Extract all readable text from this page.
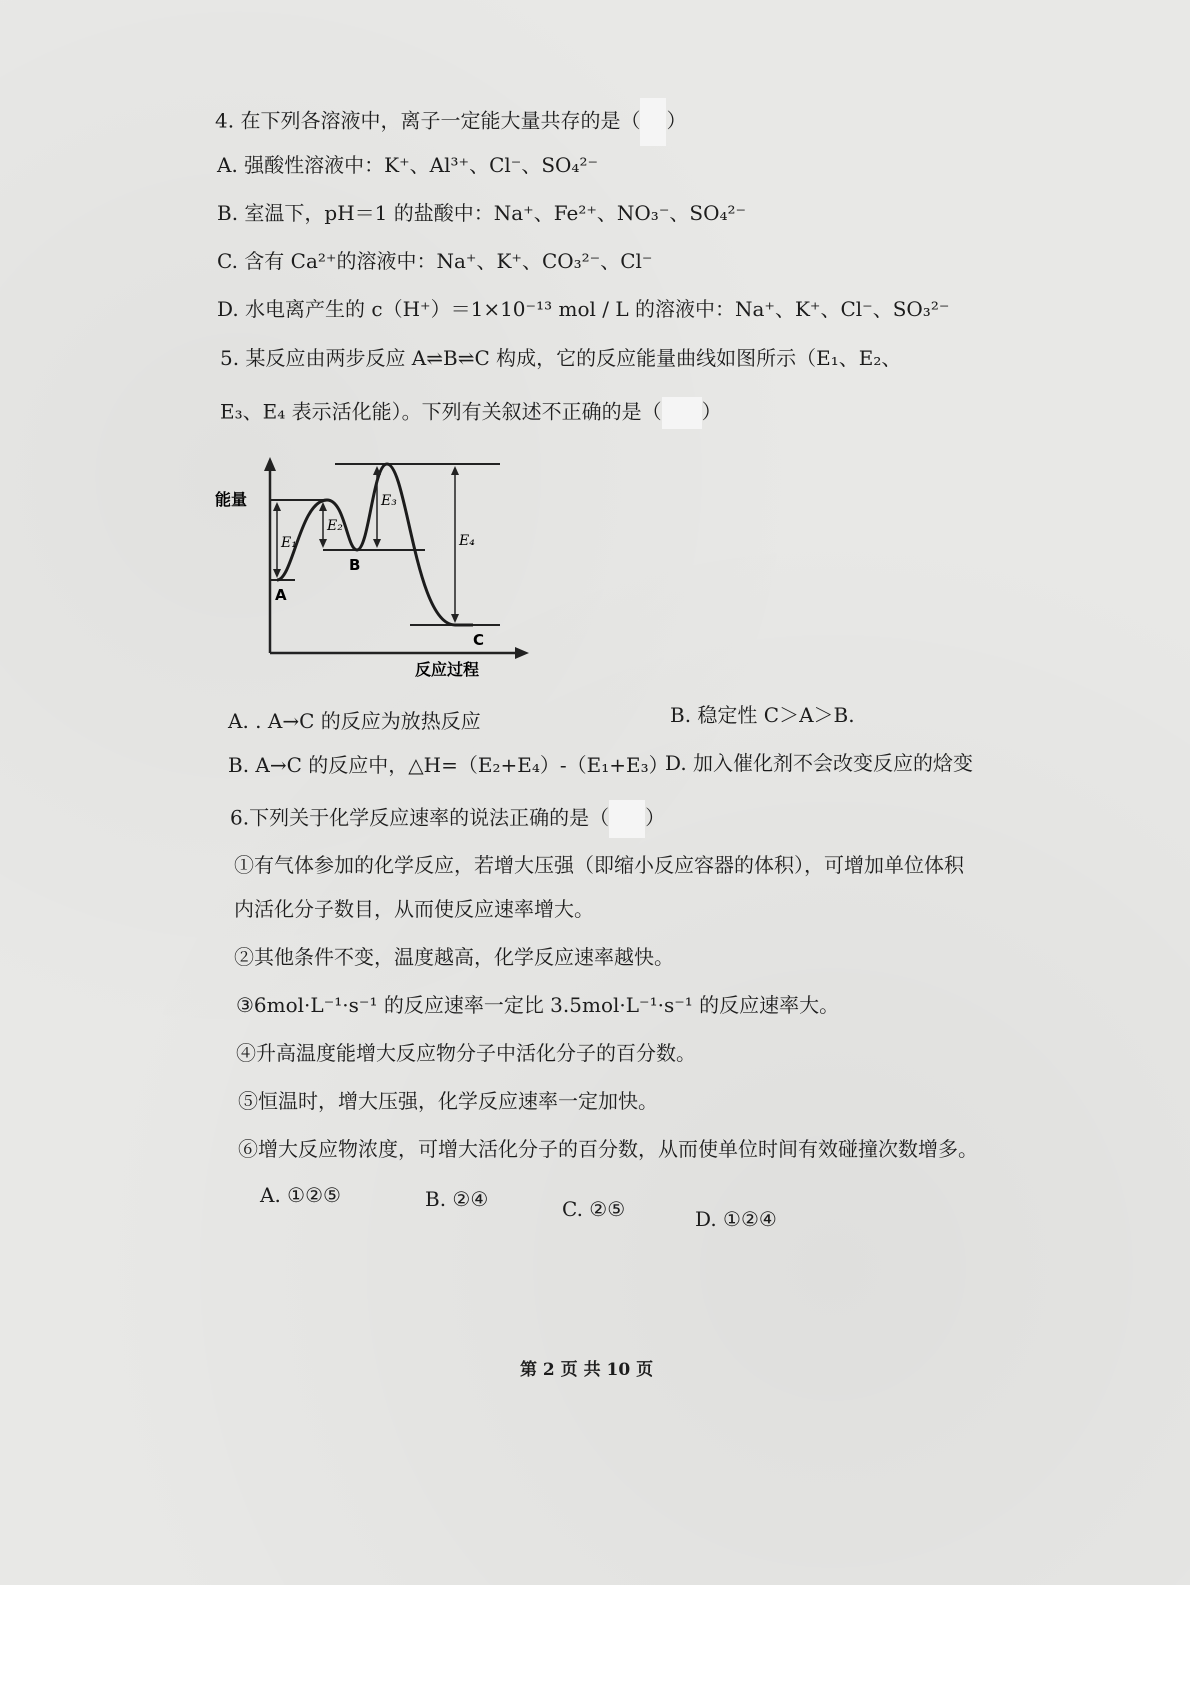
4. 在下列各溶液中，离子一定能大量共存的是（ ）
A. 强酸性溶液中：K⁺、Al³⁺、Cl⁻、SO₄²⁻
B. 室温下，pH＝1 的盐酸中：Na⁺、Fe²⁺、NO₃⁻、SO₄²⁻
C. 含有 Ca²⁺的溶液中：Na⁺、K⁺、CO₃²⁻、Cl⁻
D. 水电离产生的 c（H⁺）＝1×10⁻¹³ mol / L 的溶液中：Na⁺、K⁺、Cl⁻、SO₃²⁻
5. 某反应由两步反应 A⇌B⇌C 构成，它的反应能量曲线如图所示（E₁、E₂、
E₃、E₄ 表示活化能）。下列有关叙述不正确的是（ ）
能量
反应过程
A
B
C
E₁
E₂
E₃
E₄
A. . A→C 的反应为放热反应	B. 稳定性 C＞A＞B.
B. A→C 的反应中，△H=（E₂+E₄）-（E₁+E₃）
D. 加入催化剂不会改变反应的焓变
6.下列关于化学反应速率的说法正确的是（ ）
①有气体参加的化学反应，若增大压强（即缩小反应容器的体积），可增加单位体积
内活化分子数目，从而使反应速率增大。
②其他条件不变，温度越高，化学反应速率越快。
③6mol·L⁻¹·s⁻¹ 的反应速率一定比 3.5mol·L⁻¹·s⁻¹ 的反应速率大。
④升高温度能增大反应物分子中活化分子的百分数。
⑤恒温时，增大压强，化学反应速率一定加快。
⑥增大反应物浓度，可增大活化分子的百分数，从而使单位时间有效碰撞次数增多。
A. ①②⑤	B. ②④	C. ②⑤	D. ①②④
第 2 页 共 10 页
